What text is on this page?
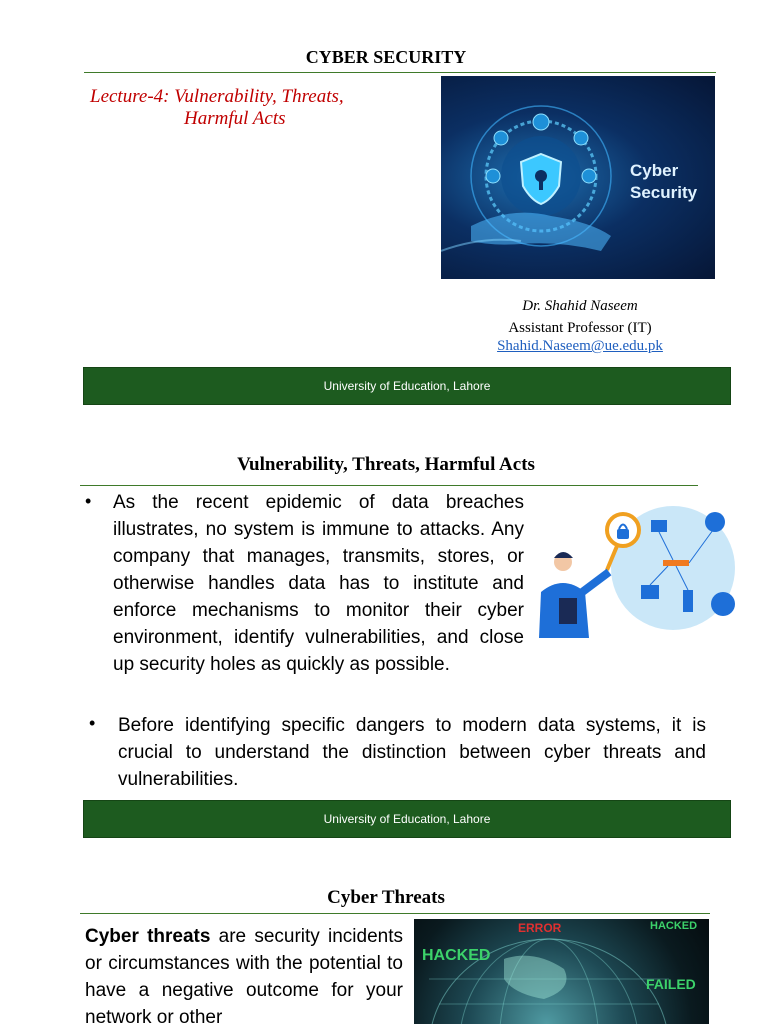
CYBER SECURITY
Lecture-4: Vulnerability, Threats,
Harmful Acts
Cyber
Security
Dr. Shahid Naseem
Assistant Professor (IT)
Shahid.Naseem@ue.edu.pk
University of Education, Lahore
Vulnerability, Threats, Harmful Acts
• As the recent epidemic of data breaches illustrates, no system is immune to attacks. Any company that manages, transmits, stores, or otherwise handles data has to institute and enforce mechanisms to monitor their cyber environment, identify vulnerabilities, and close up security holes as quickly as possible.
• Before identifying specific dangers to modern data systems, it is crucial to understand the distinction between cyber threats and vulnerabilities.
University of Education, Lahore
Cyber Threats
Cyber threats are security incidents or circumstances with the potential to have a negative outcome for your network or other
HACKED
HACKED
FAILED
ERROR
